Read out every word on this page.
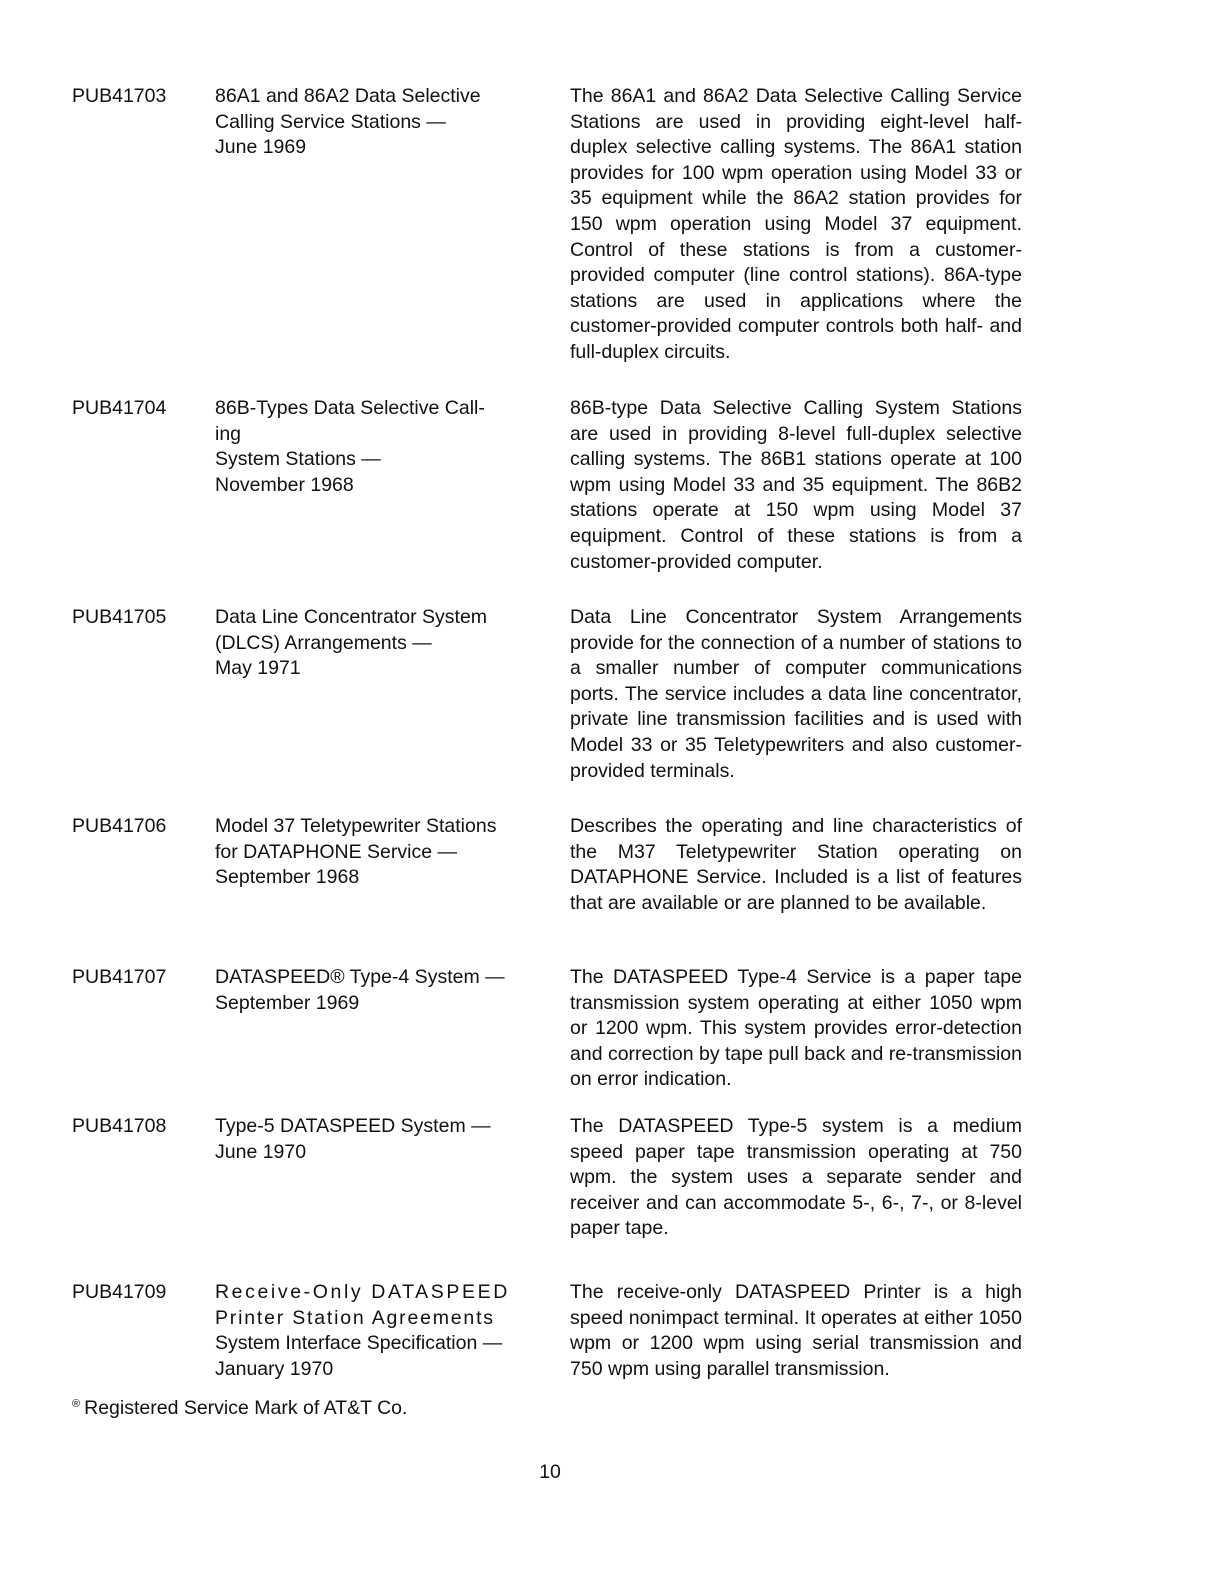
PUB41703 86A1 and 86A2 Data Selective
Calling Service Stations —
June 1969
The 86A1 and 86A2 Data Selective Calling Service Stations are used in providing eight-level half-duplex selective calling systems. The 86A1 station provides for 100 wpm operation using Model 33 or 35 equipment while the 86A2 station provides for 150 wpm operation using Model 37 equipment. Control of these stations is from a customer-provided computer (line control stations). 86A-type stations are used in applications where the customer-provided computer controls both half- and full-duplex circuits.
PUB41704 86B-Types Data Selective Call-
ing
System Stations —
November 1968
86B-type Data Selective Calling System Stations are used in providing 8-level full-duplex selective calling systems. The 86B1 stations operate at 100 wpm using Model 33 and 35 equipment. The 86B2 stations operate at 150 wpm using Model 37 equipment. Control of these stations is from a customer-provided computer.
PUB41705 Data Line Concentrator System
(DLCS) Arrangements —
May 1971
Data Line Concentrator System Arrangements provide for the connection of a number of stations to a smaller number of computer communications ports. The service includes a data line concentrator, private line transmission facilities and is used with Model 33 or 35 Teletypewriters and also customer-provided terminals.
PUB41706 Model 37 Teletypewriter Stations
for DATAPHONE Service —
September 1968
Describes the operating and line characteristics of the M37 Teletypewriter Station operating on DATAPHONE Service. Included is a list of features that are available or are planned to be available.
PUB41707 DATASPEED® Type-4 System —
September 1969
The DATASPEED Type-4 Service is a paper tape transmission system operating at either 1050 wpm or 1200 wpm. This system provides error-detection and correction by tape pull back and re-transmission on error indication.
PUB41708 Type-5 DATASPEED System —
June 1970
The DATASPEED Type-5 system is a medium speed paper tape transmission operating at 750 wpm. the system uses a separate sender and receiver and can accommodate 5-, 6-, 7-, or 8-level paper tape.
PUB41709 Receive-Only DATASPEED
Printer Station Agreements
System Interface Specification —
January 1970
The receive-only DATASPEED Printer is a high speed nonimpact terminal. It operates at either 1050 wpm or 1200 wpm using serial transmission and 750 wpm using parallel transmission.
® Registered Service Mark of AT&T Co.
10
